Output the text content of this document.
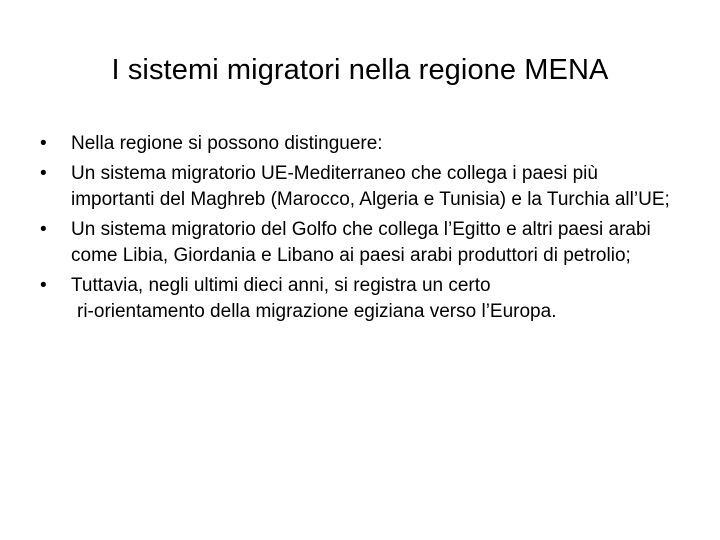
I sistemi migratori nella regione MENA
•	Nella regione si possono distinguere:
•	Un sistema migratorio UE-Mediterraneo che collega i paesi più importanti del Maghreb (Marocco, Algeria e Tunisia) e la Turchia all’UE;
•	Un sistema migratorio del Golfo che collega l’Egitto e altri paesi arabi come Libia, Giordania e Libano ai paesi arabi produttori di petrolio;
•	Tuttavia, negli ultimi dieci anni, si registra un certo
ri-orientamento della migrazione egiziana verso l’Europa.
